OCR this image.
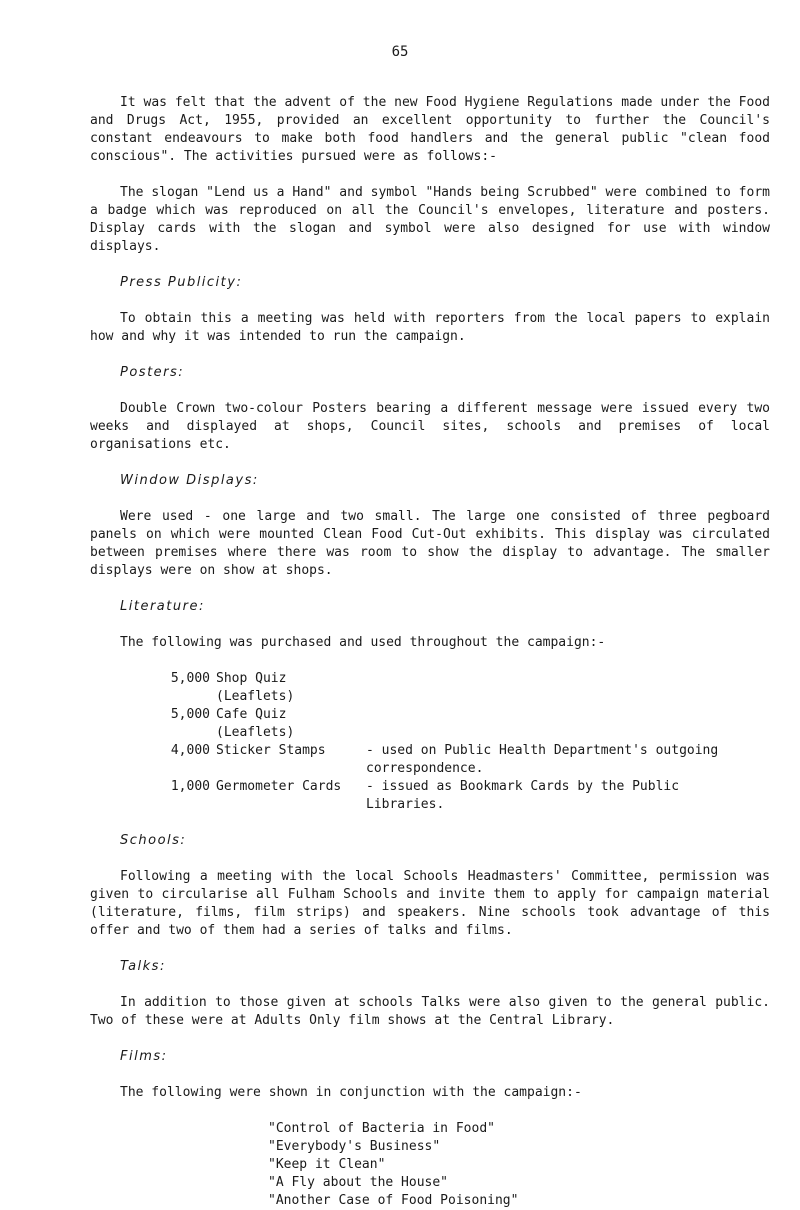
65

It was felt that the advent of the new Food Hygiene Regulations made under the Food and Drugs Act, 1955, provided an excellent opportunity to further the Council's constant endeavours to make both food handlers and the general public "clean food conscious". The activities pursued were as follows:-

The slogan "Lend us a Hand" and symbol "Hands being Scrubbed" were combined to form a badge which was reproduced on all the Council's envelopes, literature and posters. Display cards with the slogan and symbol were also designed for use with window displays.

Press Publicity:

To obtain this a meeting was held with reporters from the local papers to explain how and why it was intended to run the campaign.

Posters:

Double Crown two-colour Posters bearing a different message were issued every two weeks and displayed at shops, Council sites, schools and premises of local organisations etc.

Window Displays:

Were used - one large and two small. The large one consisted of three pegboard panels on which were mounted Clean Food Cut-Out exhibits. This display was circulated between premises where there was room to show the display to advantage. The smaller displays were on show at shops.

Literature:

The following was purchased and used throughout the campaign:-

5,000 Shop Quiz (Leaflets)
5,000 Cafe Quiz (Leaflets)
4,000 Sticker Stamps	- used on Public Health Department's outgoing correspondence.
1,000 Germometer Cards	- issued as Bookmark Cards by the Public Libraries.
Schools:

Following a meeting with the local Schools Headmasters' Committee, permission was given to circularise all Fulham Schools and invite them to apply for campaign material (literature, films, film strips) and speakers. Nine schools took advantage of this offer and two of them had a series of talks and films.

Talks:

In addition to those given at schools Talks were also given to the general public. Two of these were at Adults Only film shows at the Central Library.

Films:

The following were shown in conjunction with the campaign:-

"Control of Bacteria in Food"
"Everybody's Business"
"Keep it Clean"
"A Fly about the House"
"Another Case of Food Poisoning"
